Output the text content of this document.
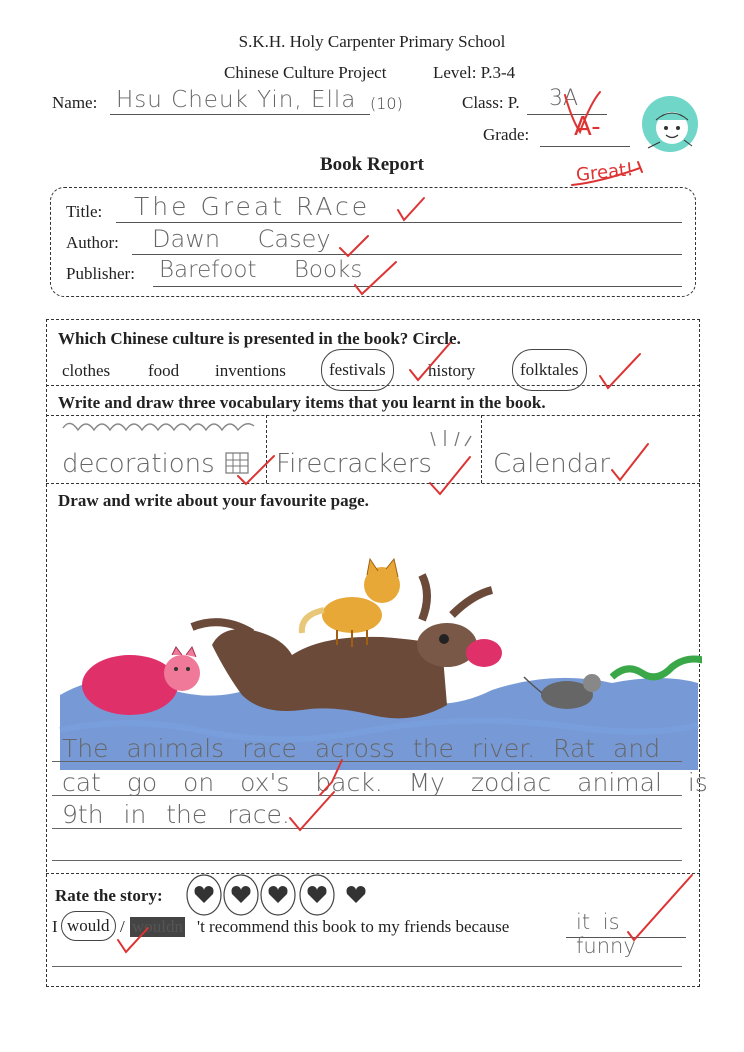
S.K.H. Holy Carpenter Primary School
Chinese Culture Project	Level: P.3-4
Name: Hsu Cheuk Yin, Ella (10)	Class: P. 3A
Grade: A-
Book Report	Great!
Title: The Great RAce
Author: Dawn Casey
Publisher: Barefoot Books
Which Chinese culture is presented in the book? Circle.
clothes food inventions	festivals	history	folktales
Write and draw three vocabulary items that you learnt in the book.
decorations Firecrackers Calendar
Draw and write about your favourite page.
The animals race across the river. Rat and
cat go on ox's back. My zodiac animal is
9th in the race.
Rate the story:
I would / wouldn 't recommend this book to my friends because	it is funny
